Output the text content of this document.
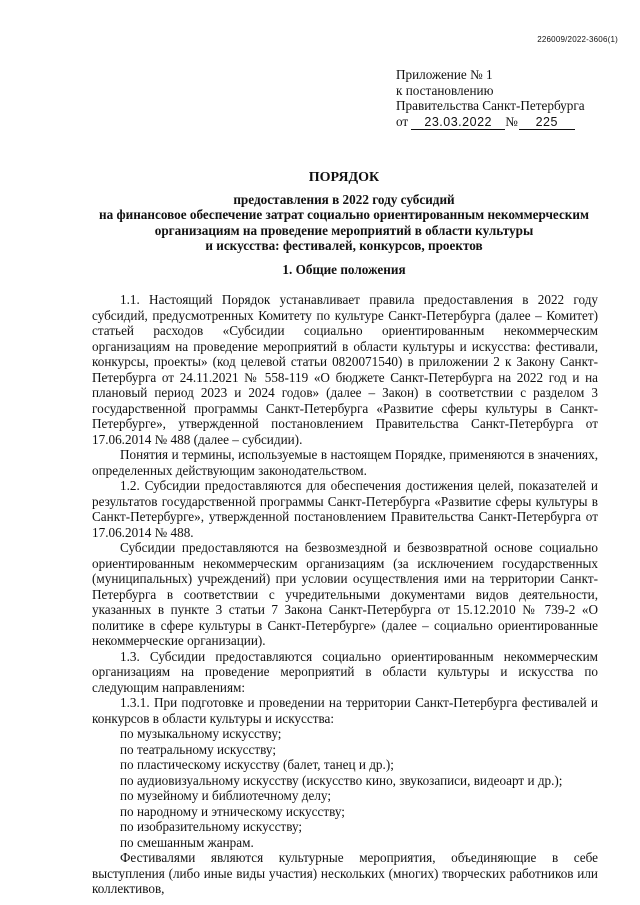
226009/2022-3606(1)
Приложение № 1
к постановлению
Правительства Санкт-Петербурга
от 23.03.2022 № 225
ПОРЯДОК
предоставления в 2022 году субсидий
на финансовое обеспечение затрат социально ориентированным некоммерческим
организациям на проведение мероприятий в области культуры
и искусства: фестивалей, конкурсов, проектов
1. Общие положения

1.1. Настоящий Порядок устанавливает правила предоставления в 2022 году субсидий, предусмотренных Комитету по культуре Санкт-Петербурга (далее – Комитет) статьей расходов «Субсидии социально ориентированным некоммерческим организациям на проведение мероприятий в области культуры и искусства: фестивали, конкурсы, проекты» (код целевой статьи 0820071540) в приложении 2 к Закону Санкт-Петербурга от 24.11.2021 № 558-119 «О бюджете Санкт-Петербурга на 2022 год и на плановый период 2023 и 2024 годов» (далее – Закон) в соответствии с разделом 3 государственной программы Санкт-Петербурга «Развитие сферы культуры в Санкт-Петербурге», утвержденной постановлением Правительства Санкт-Петербурга от 17.06.2014 № 488 (далее – субсидии).

Понятия и термины, используемые в настоящем Порядке, применяются в значениях, определенных действующим законодательством.

1.2. Субсидии предоставляются для обеспечения достижения целей, показателей и результатов государственной программы Санкт-Петербурга «Развитие сферы культуры в Санкт-Петербурге», утвержденной постановлением Правительства Санкт-Петербурга от 17.06.2014 № 488.

Субсидии предоставляются на безвозмездной и безвозвратной основе социально ориентированным некоммерческим организациям (за исключением государственных (муниципальных) учреждений) при условии осуществления ими на территории Санкт-Петербурга в соответствии с учредительными документами видов деятельности, указанных в пункте 3 статьи 7 Закона Санкт-Петербурга от 15.12.2010 № 739-2 «О политике в сфере культуры в Санкт-Петербурге» (далее – социально ориентированные некоммерческие организации).

1.3. Субсидии предоставляются социально ориентированным некоммерческим организациям на проведение мероприятий в области культуры и искусства по следующим направлениям:

1.3.1. При подготовке и проведении на территории Санкт-Петербурга фестивалей и конкурсов в области культуры и искусства:

по музыкальному искусству;
по театральному искусству;
по пластическому искусству (балет, танец и др.);
по аудиовизуальному искусству (искусство кино, звукозаписи, видеоарт и др.);
по музейному и библиотечному делу;
по народному и этническому искусству;
по изобразительному искусству;
по смешанным жанрам.

Фестивалями являются культурные мероприятия, объединяющие в себе выступления (либо иные виды участия) нескольких (многих) творческих работников или коллективов,
